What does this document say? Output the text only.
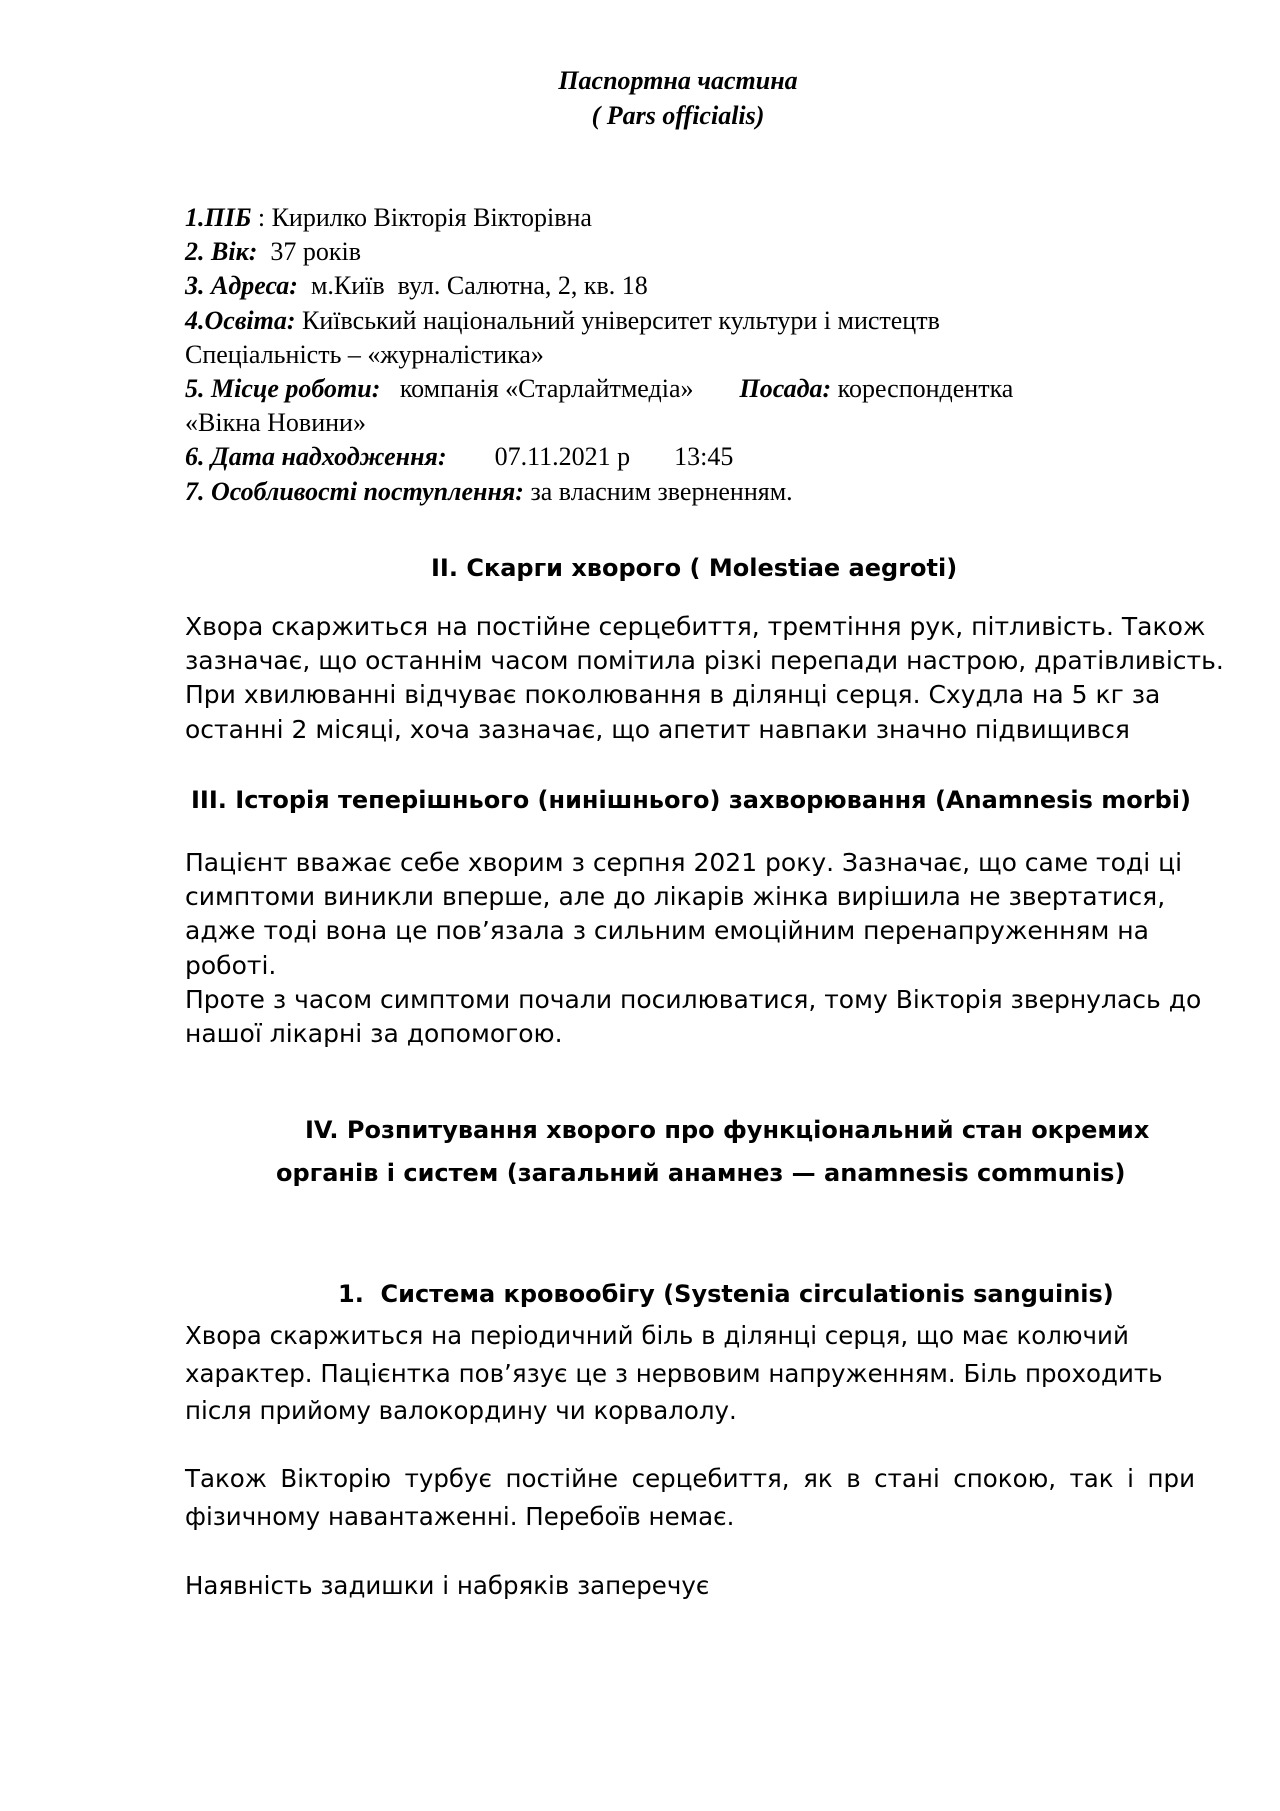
Паспортна частина
( Pars officialis)
1.ПІБ : Кирилко Вікторія Вікторівна
2. Вік:  37 років
3. Адреса:  м.Київ  вул. Салютна, 2, кв. 18
4.Освіта: Київський національний університет культури і мистецтв
Спеціальність – «журналістика»
5. Місце роботи:   компанія «Старлайтмедіа» Посада: кореспондентка
«Вікна Новини»
6. Дата надходження: 07.11.2021 р 13:45
7. Особливості поступлення: за власним зверненням.
II. Скарги хворого ( Molestiae aegroti)
Хвора скаржиться на постійне серцебиття, тремтіння рук, пітливість. Також
зазначає, що останнім часом помітила різкі перепади настрою, дратівливість.
При хвилюванні відчуває поколювання в ділянці серця. Схудла на 5 кг за
останні 2 місяці, хоча зазначає, що апетит навпаки значно підвищився
III. Історія теперішнього (нинішнього) захворювання (Anamnesis morbi)
Пацієнт вважає себе хворим з серпня 2021 року. Зазначає, що саме тоді ці
симптоми виникли вперше, але до лікарів жінка вирішила не звертатися,
адже тоді вона це пов’язала з сильним емоційним перенапруженням на
роботі.
Проте з часом симптоми почали посилюватися, тому Вікторія звернулась до
нашої лікарні за допомогою.
IV. Розпитування хворого про функціональний стан окремих
органів і систем (загальний анамнез — anamnesis communis)
1.  Система кровообігу (Systenia circulationis sanguinis)
Хвора скаржиться на періодичний біль в ділянці серця, що має колючий
характер. Пацієнтка пов’язує це з нервовим напруженням. Біль проходить
після прийому валокордину чи корвалолу.
Також Вікторію турбує постійне серцебиття, як в стані спокою, так і при
фізичному навантаженні. Перебоїв немає.
Наявність задишки і набряків заперечує
